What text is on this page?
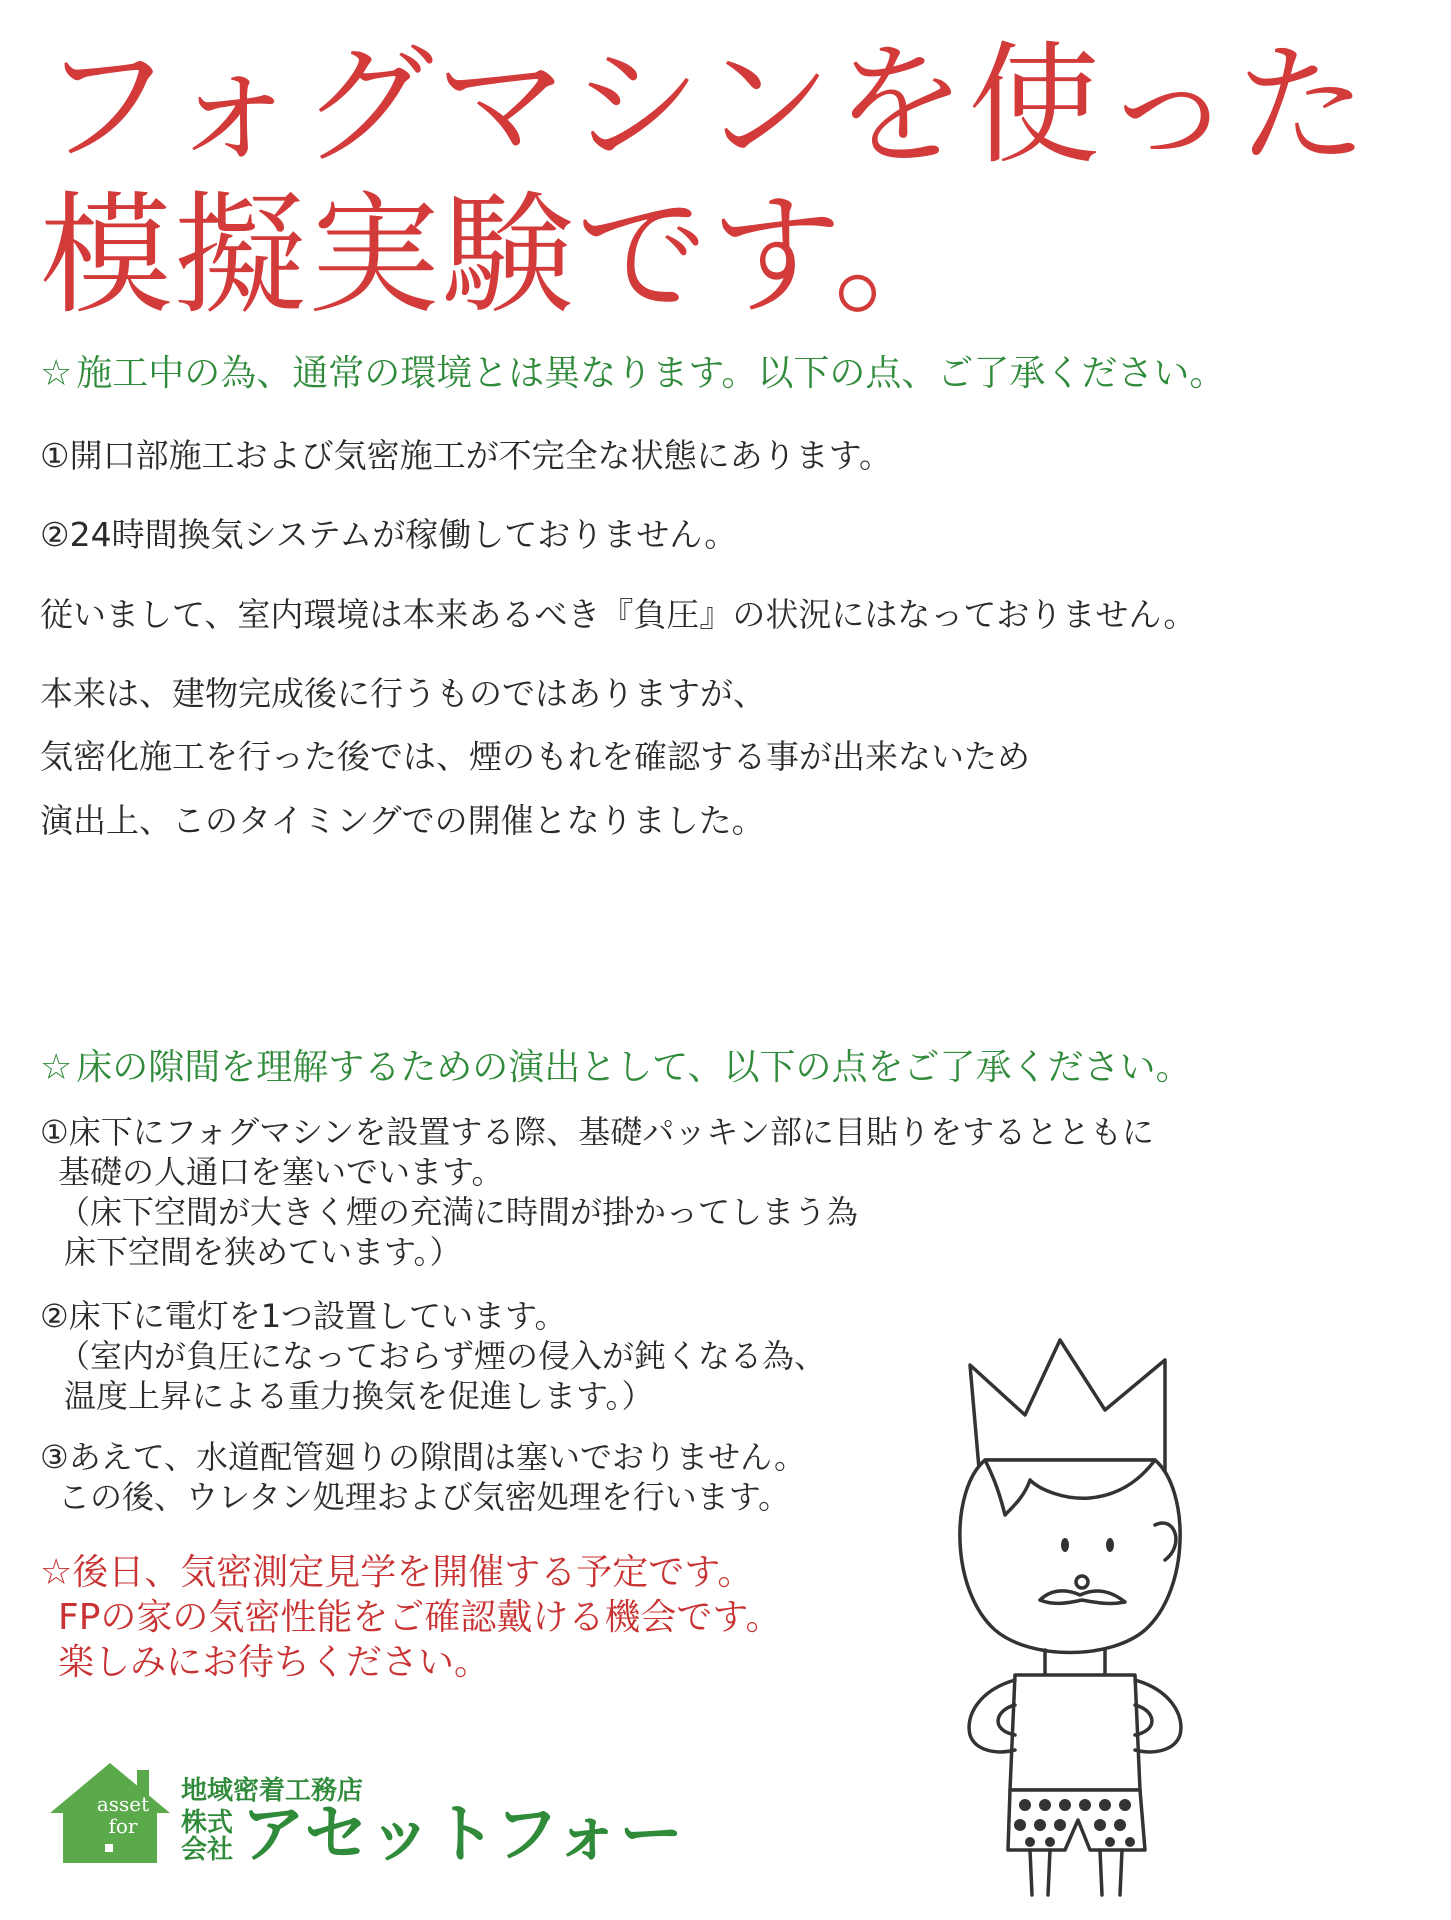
フォグマシンを使った
模擬実験です。
☆ 施工中の為、通常の環境とは異なります。以下の点、ご了承ください。

①開口部施工および気密施工が不完全な状態にあります。

②24時間換気システムが稼働しておりません。

従いまして、室内環境は本来あるべき『負圧』の状況にはなっておりません。

本来は、建物完成後に行うものではありますが、

気密化施工を行った後では、煙のもれを確認する事が出来ないため

演出上、このタイミングでの開催となりました。

☆ 床の隙間を理解するための演出として、以下の点をご了承ください。
①床下にフォグマシンを設置する際、基礎パッキン部に目貼りをするとともに
基礎の人通口を塞いでいます。
（床下空間が大きく煙の充満に時間が掛かってしまう為
床下空間を狭めています。）
②床下に電灯を1つ設置しています。
（室内が負圧になっておらず煙の侵入が鈍くなる為、
温度上昇による重力換気を促進します。）
③あえて、水道配管廻りの隙間は塞いでおりません。
この後、ウレタン処理および気密処理を行います。
☆後日、気密測定見学を開催する予定です。
FPの家の気密性能をご確認戴ける機会です。
楽しみにお待ちください。
asset
for
地域密着工務店
株式
会社 アセットフォー
